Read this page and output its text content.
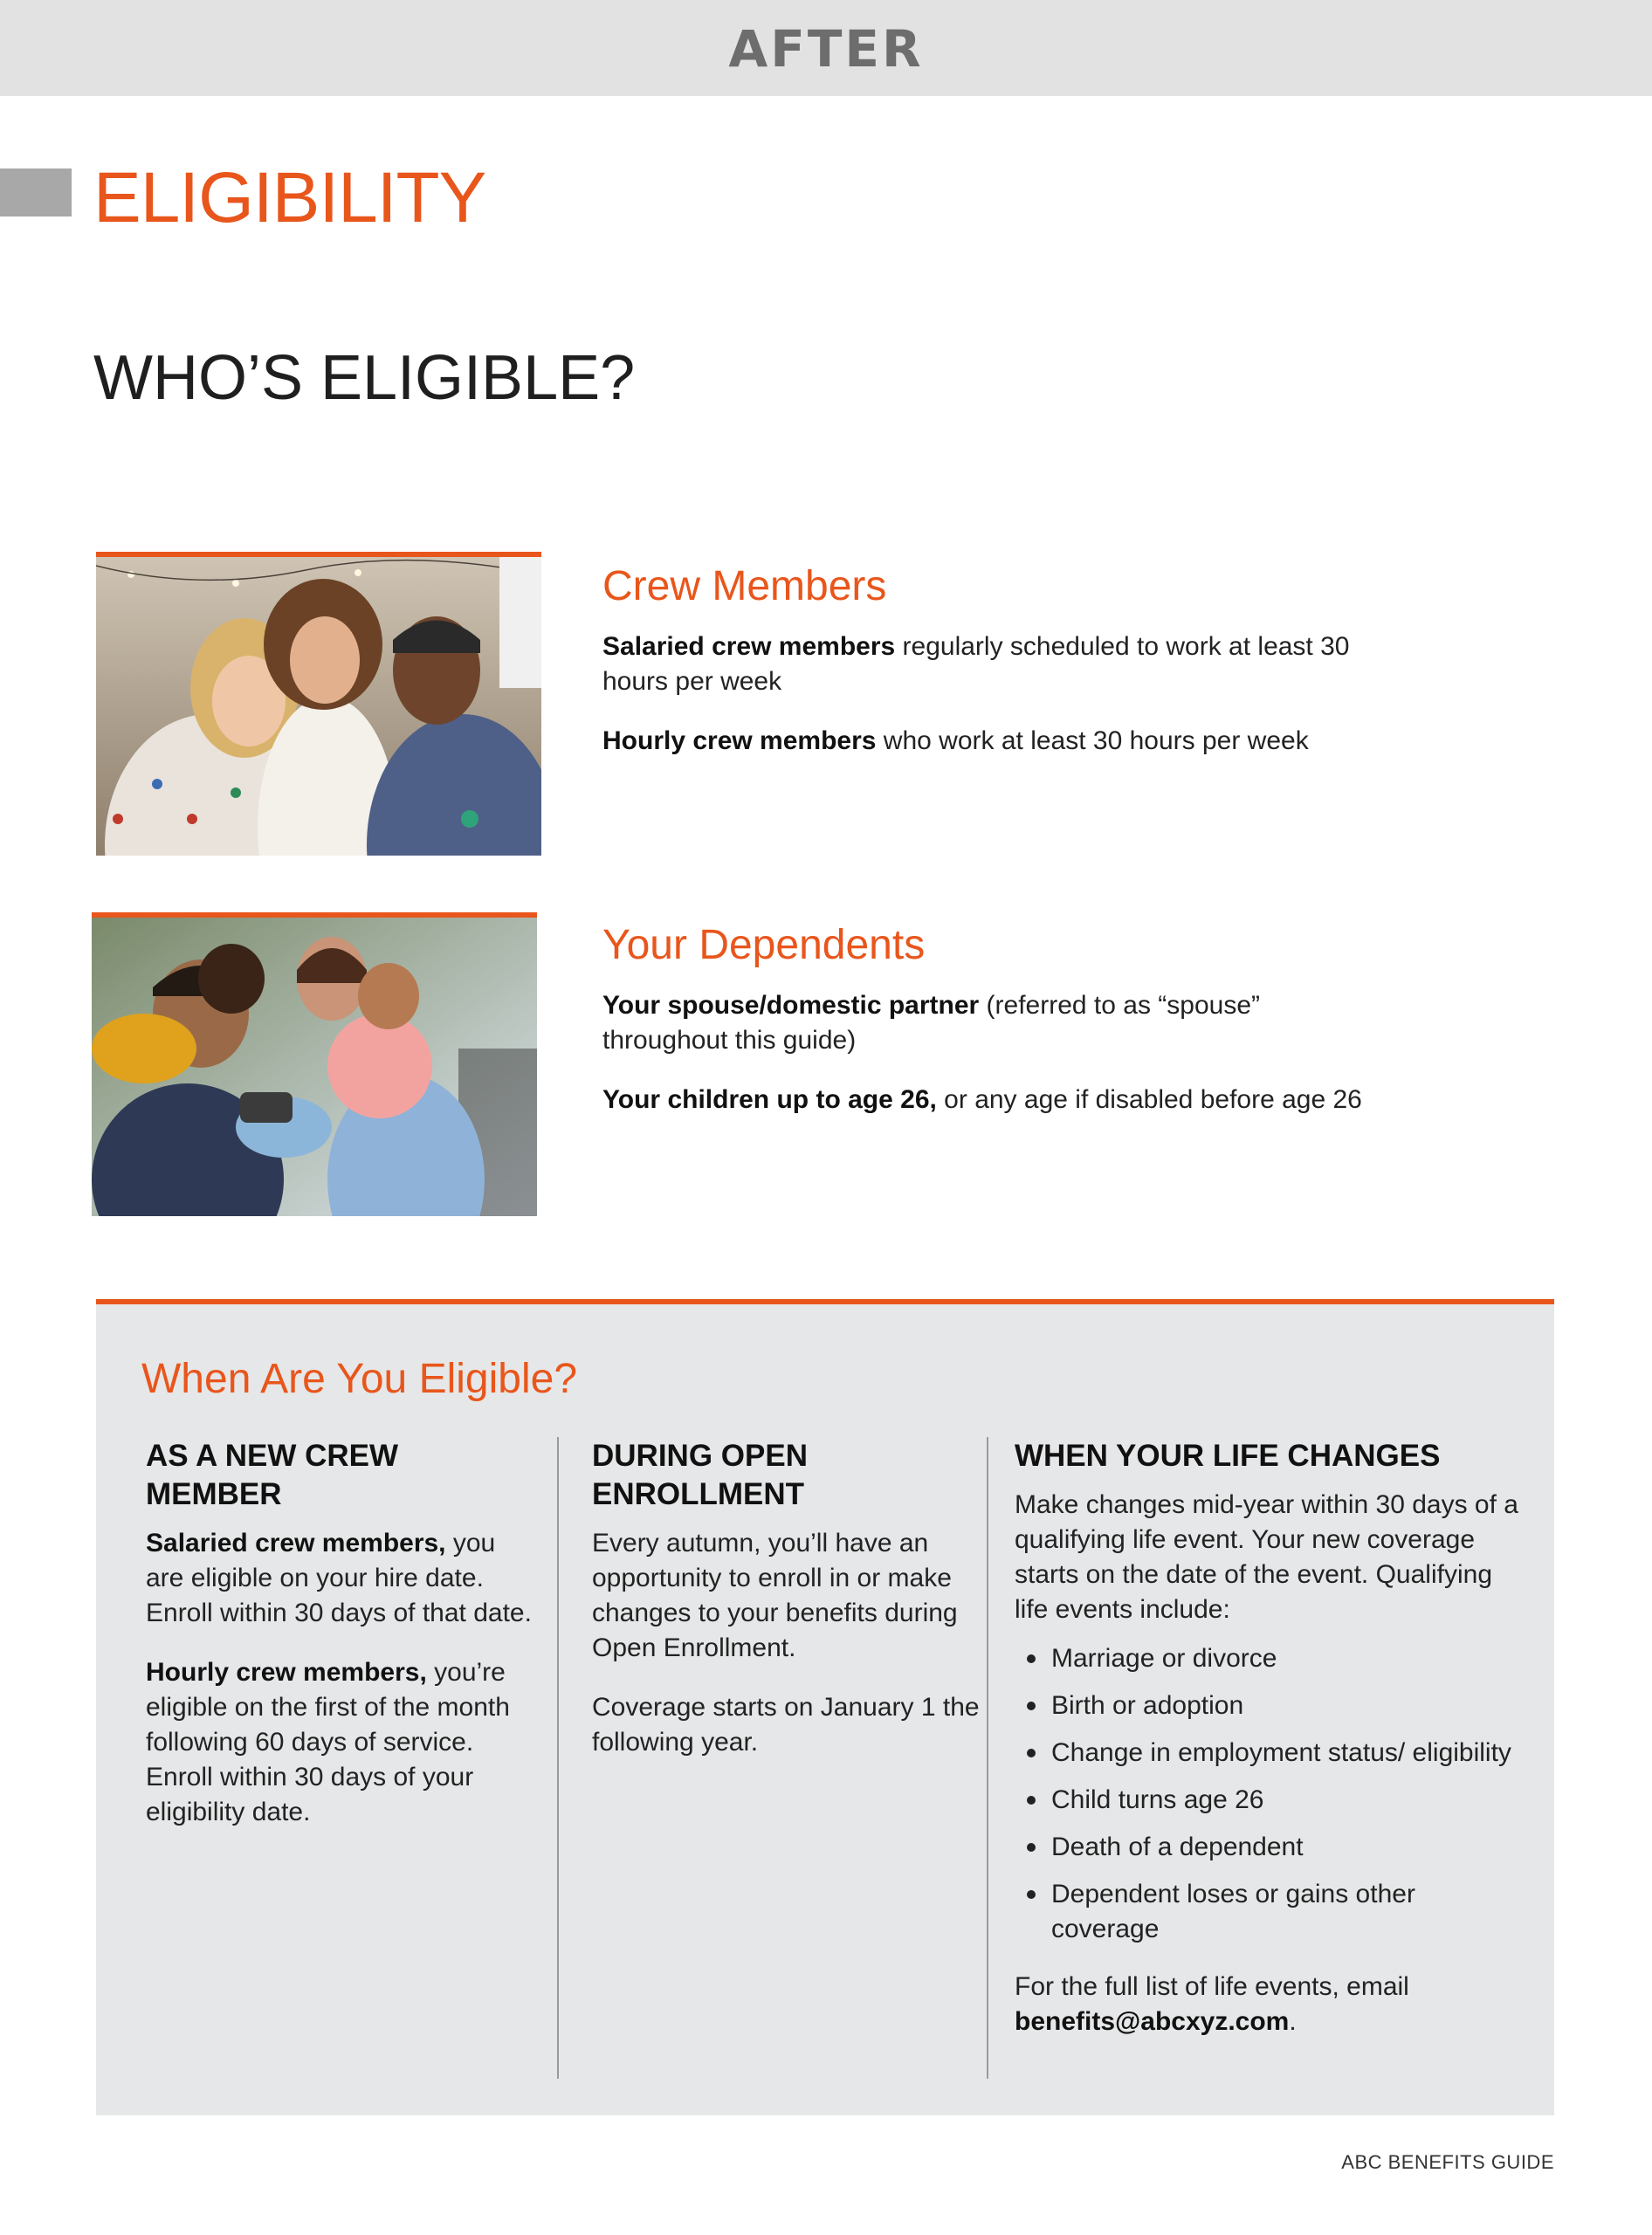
AFTER
ELIGIBILITY
WHO’S ELIGIBLE?
Crew Members

Salaried crew members regularly scheduled to work at least 30 hours per week

Hourly crew members who work at least 30 hours per week

Your Dependents

Your spouse/domestic partner (referred to as “spouse” throughout this guide)

Your children up to age 26, or any age if disabled before age 26

When Are You Eligible?
AS A NEW CREW MEMBER

Salaried crew members, you are eligible on your hire date. Enroll within 30 days of that date.

Hourly crew members, you’re eligible on the first of the month following 60 days of service. Enroll within 30 days of your eligibility date.

DURING OPEN ENROLLMENT

Every autumn, you’ll have an opportunity to enroll in or make changes to your benefits during Open Enrollment.

Coverage starts on January 1 the following year.

WHEN YOUR LIFE CHANGES

Make changes mid-year within 30 days of a qualifying life event. Your new coverage starts on the date of the event. Qualifying life events include:

Marriage or divorce
Birth or adoption
Change in employment status/ eligibility
Child turns age 26
Death of a dependent
Dependent loses or gains other coverage

For the full list of life events, email benefits@abcxyz.com.

ABC BENEFITS GUIDE
